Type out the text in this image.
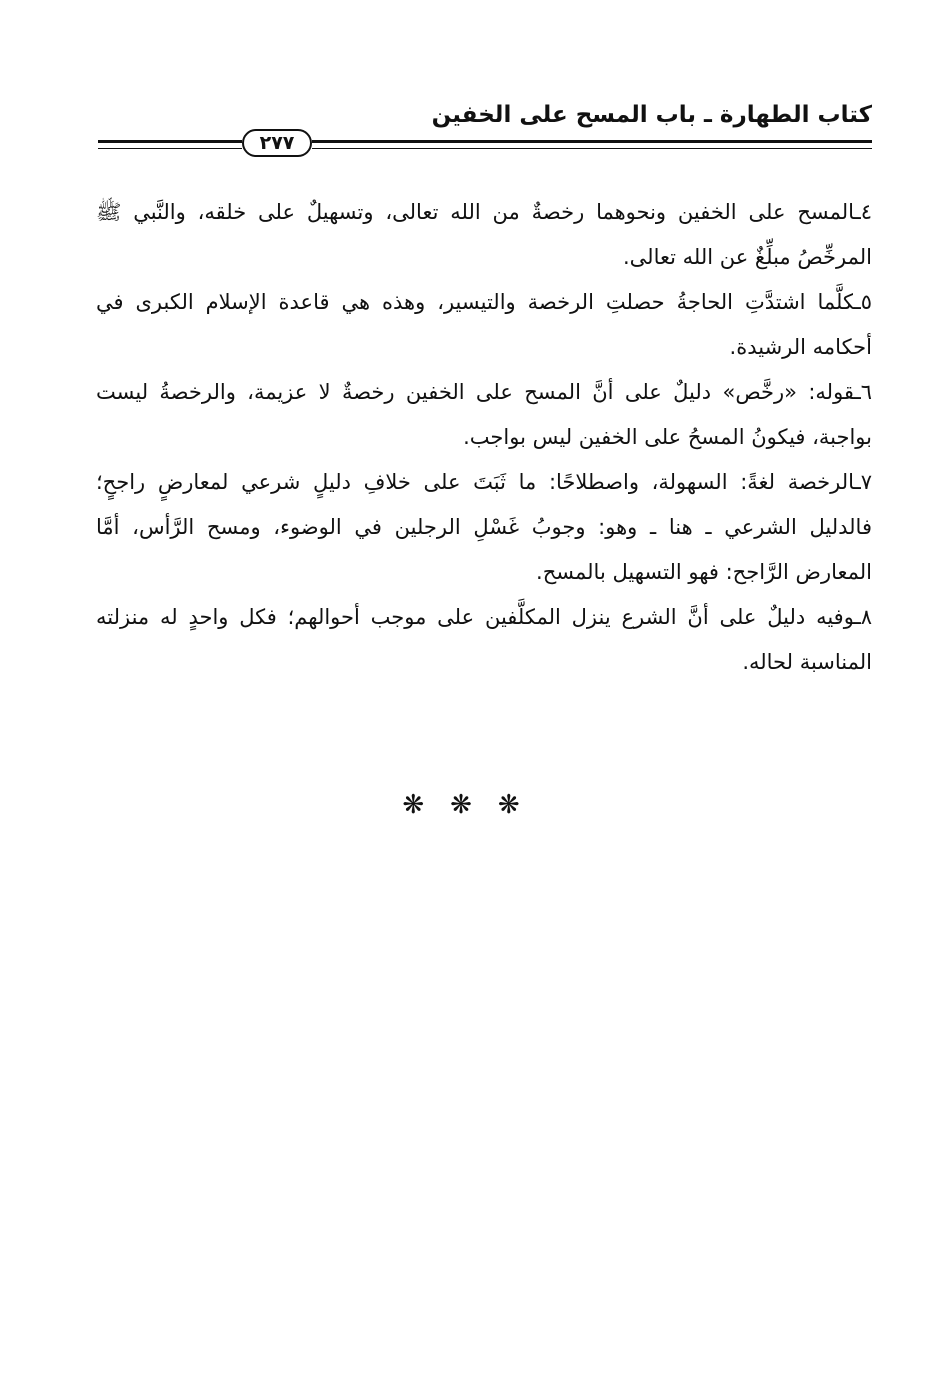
كتاب الطهارة ـ باب المسح على الخفين
٢٧٧

٤ـالمسح على الخفين ونحوهما رخصةٌ من الله تعالى، وتسهيلٌ على خلقه، والنَّبي ﷺ المرخِّصُ مبلِّغٌ عن الله تعالى.

٥ـكلَّما اشتدَّتِ الحاجةُ حصلتِ الرخصة والتيسير، وهذه هي قاعدة الإسلام الكبرى في أحكامه الرشيدة.

٦ـقوله: «رخَّص» دليلٌ على أنَّ المسح على الخفين رخصةٌ لا عزيمة، والرخصةُ ليست بواجبة، فيكونُ المسحُ على الخفين ليس بواجب.

٧ـالرخصة لغةً: السهولة، واصطلاحًا: ما ثَبَتَ على خلافِ دليلٍ شرعي لمعارضٍ راجحٍ؛ فالدليل الشرعي ـ هنا ـ وهو: وجوبُ غَسْلِ الرجلين في الوضوء، ومسح الرَّأس، أمَّا المعارض الرَّاجح: فهو التسهيل بالمسح.

٨ـوفيه دليلٌ على أنَّ الشرع ينزل المكلَّفين على موجب أحوالهم؛ فكل واحدٍ له منزلته المناسبة لحاله.

❋❋❋
